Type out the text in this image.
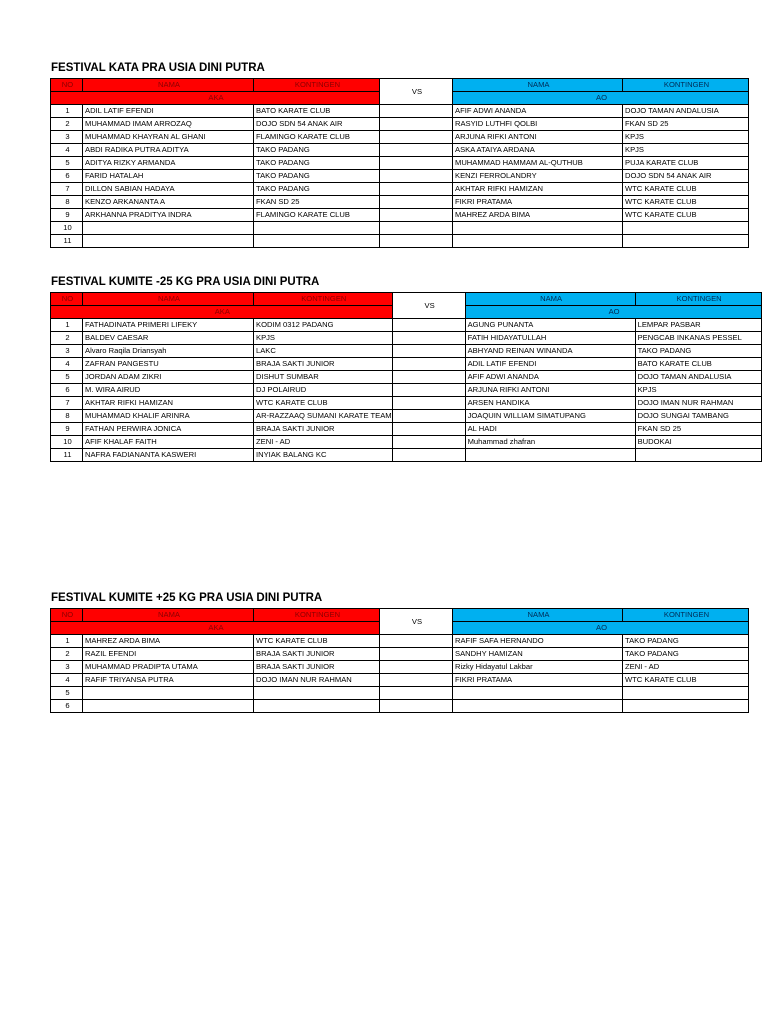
FESTIVAL KATA PRA USIA DINI PUTRA
NO	NAMA	KONTINGEN	VS	NAMA	KONTINGEN
AKA				AO	
1	ADIL LATIF EFENDI	BATO KARATE CLUB		AFIF ADWI ANANDA	DOJO TAMAN ANDALUSIA
2	MUHAMMAD IMAM ARROZAQ	DOJO SDN 54 ANAK AIR		RASYID LUTHFI QOLBI	FKAN SD 25
3	MUHAMMAD KHAYRAN AL GHANI	FLAMINGO KARATE CLUB		ARJUNA RIFKI ANTONI	KPJS
4	ABDI RADIKA PUTRA ADITYA	TAKO PADANG		ASKA ATAIYA ARDANA	KPJS
5	ADITYA RIZKY ARMANDA	TAKO PADANG		MUHAMMAD HAMMAM AL-QUTHUB	PUJA KARATE CLUB
6	FARID HATALAH	TAKO PADANG		KENZI FERROLANDRY	DOJO SDN 54 ANAK AIR
7	DILLON SABIAN HADAYA	TAKO PADANG		AKHTAR RIFKI HAMIZAN	WTC KARATE CLUB
8	KENZO ARKANANTA A	FKAN SD 25		FIKRI PRATAMA	WTC KARATE CLUB
9	ARKHANNA PRADITYA INDRA	FLAMINGO KARATE CLUB		MAHREZ ARDA BIMA	WTC KARATE CLUB
10					
11					
FESTIVAL KUMITE -25 KG PRA USIA DINI PUTRA
NO	NAMA	KONTINGEN	VS	NAMA	KONTINGEN
AKA				AO	
1	FATHADINATA PRIMERI LIFEKY	KODIM 0312 PADANG		AGUNG PUNANTA	LEMPAR PASBAR
2	BALDEV CAESAR	KPJS		FATIH HIDAYATULLAH	PENGCAB INKANAS PESSEL
3	Alvaro Raqila Driansyah	LAKC		ABHYAND REINAN WINANDA	TAKO PADANG
4	ZAFRAN PANGESTU	BRAJA SAKTI JUNIOR		ADIL LATIF EFENDI	BATO KARATE CLUB
5	JORDAN ADAM ZIKRI	DISHUT SUMBAR		AFIF ADWI ANANDA	DOJO TAMAN ANDALUSIA
6	M. WIRA AIRUD	DJ POLAIRUD		ARJUNA RIFKI ANTONI	KPJS
7	AKHTAR RIFKI HAMIZAN	WTC KARATE CLUB		ARSEN HANDIKA	DOJO IMAN NUR RAHMAN
8	MUHAMMAD KHALIF ARINRA	AR-RAZZAAQ SUMANI KARATE TEAM		JOAQUIN WILLIAM SIMATUPANG	DOJO SUNGAI TAMBANG
9	FATHAN PERWIRA JONICA	BRAJA SAKTI JUNIOR		AL HADI	FKAN SD 25
10	AFIF KHALAF FAITH	ZENI - AD		Muhammad zhafran	BUDOKAI
11	NAFRA FADIANANTA KASWERI	INYIAK BALANG KC			
FESTIVAL KUMITE +25 KG PRA USIA DINI PUTRA
NO	NAMA	KONTINGEN	VS	NAMA	KONTINGEN
AKA				AO	
1	MAHREZ ARDA BIMA	WTC KARATE CLUB		RAFIF SAFA HERNANDO	TAKO PADANG
2	RAZIL EFENDI	BRAJA SAKTI JUNIOR		SANDHY HAMIZAN	TAKO PADANG
3	MUHAMMAD PRADIPTA UTAMA	BRAJA SAKTI JUNIOR		Rizky Hidayatul Lakbar	ZENI - AD
4	RAFIF TRIYANSA PUTRA	DOJO IMAN NUR RAHMAN		FIKRI PRATAMA	WTC KARATE CLUB
5					
6					
